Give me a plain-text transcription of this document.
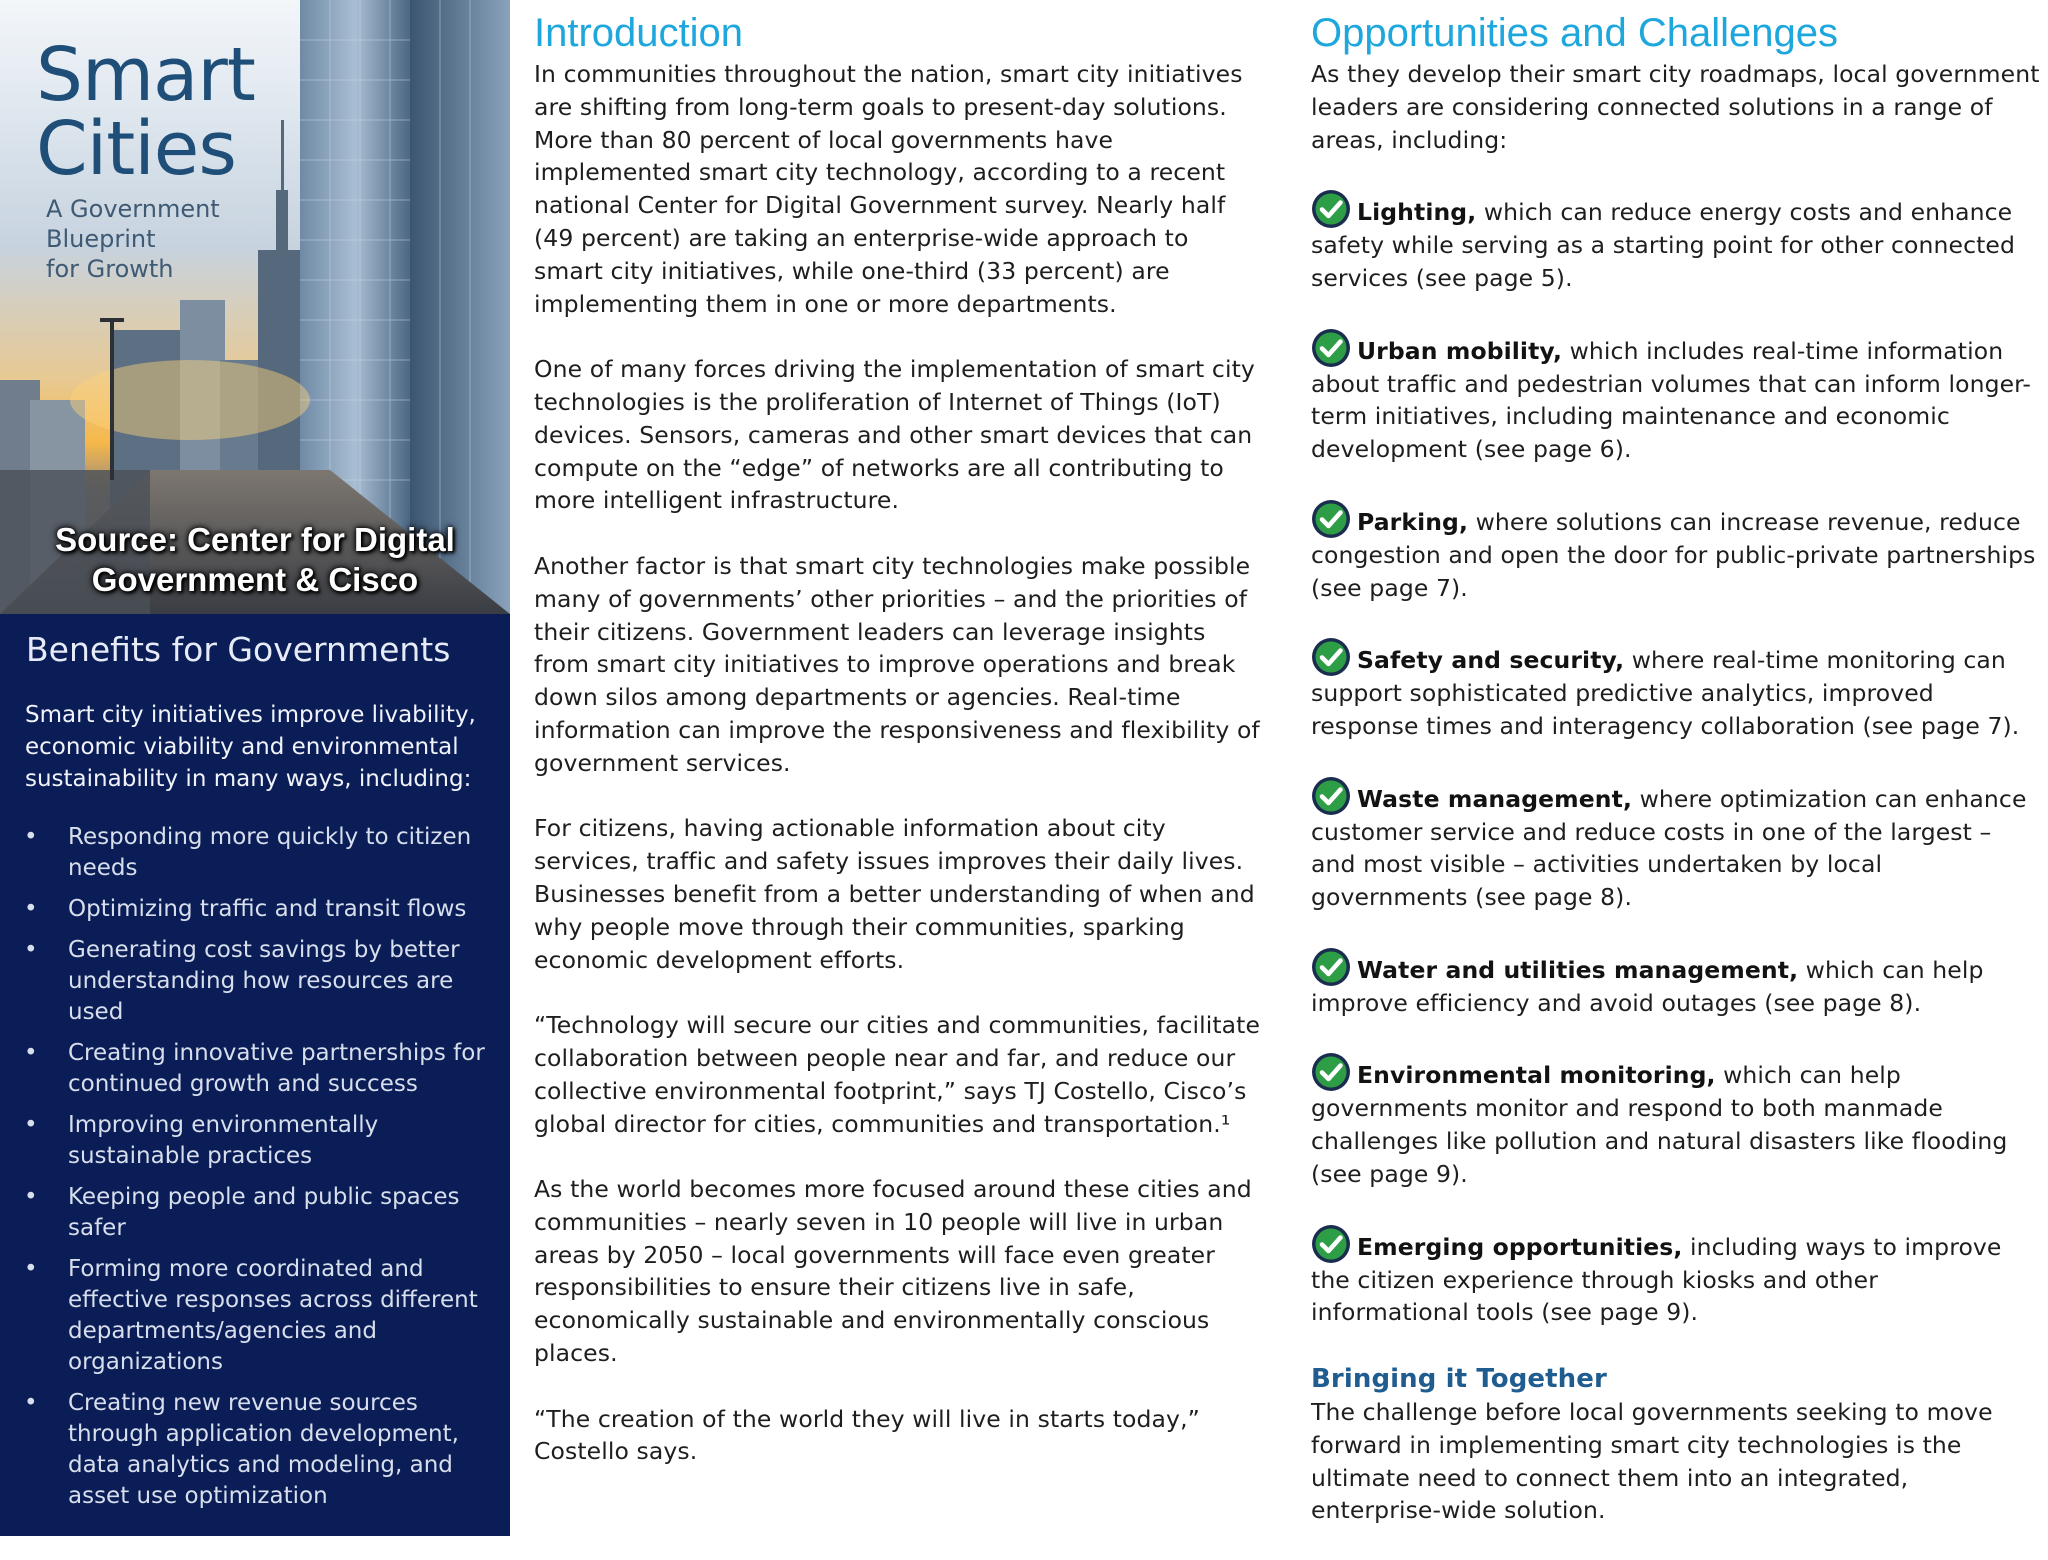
Smart
Cities
A Government
Blueprint
for Growth
Source: Center for Digital
Government & Cisco
Benefits for Governments

Smart city initiatives improve livability, economic viability and environmental sustainability in many ways, including:

• Responding more quickly to citizen needs
• Optimizing traffic and transit flows
• Generating cost savings by better understanding how resources are used
• Creating innovative partnerships for continued growth and success
• Improving environmentally sustainable practices
• Keeping people and public spaces safer
• Forming more coordinated and effective responses across different departments/agencies and organizations
• Creating new revenue sources through application development, data analytics and modeling, and asset use optimization
Introduction

In communities throughout the nation, smart city initiatives are shifting from long-term goals to present-day solutions. More than 80 percent of local governments have implemented smart city technology, according to a recent national Center for Digital Government survey. Nearly half (49 percent) are taking an enterprise-wide approach to smart city initiatives, while one-third (33 percent) are implementing them in one or more departments.

One of many forces driving the implementation of smart city technologies is the proliferation of Internet of Things (IoT) devices. Sensors, cameras and other smart devices that can compute on the “edge” of networks are all contributing to more intelligent infrastructure.

Another factor is that smart city technologies make possible many of governments’ other priorities – and the priorities of their citizens. Government leaders can leverage insights from smart city initiatives to improve operations and break down silos among departments or agencies. Real-time information can improve the responsiveness and flexibility of government services.

For citizens, having actionable information about city services, traffic and safety issues improves their daily lives. Businesses benefit from a better understanding of when and why people move through their communities, sparking economic development efforts.

“Technology will secure our cities and communities, facilitate collaboration between people near and far, and reduce our collective environmental footprint,” says TJ Costello, Cisco’s global director for cities, communities and transportation.¹

As the world becomes more focused around these cities and communities – nearly seven in 10 people will live in urban areas by 2050 – local governments will face even greater responsibilities to ensure their citizens live in safe, economically sustainable and environmentally conscious places.

“The creation of the world they will live in starts today,” Costello says.

Opportunities and Challenges

As they develop their smart city roadmaps, local government leaders are considering connected solutions in a range of areas, including:

Lighting, which can reduce energy costs and enhance safety while serving as a starting point for other connected services (see page 5).

Urban mobility, which includes real-time information about traffic and pedestrian volumes that can inform longer-term initiatives, including maintenance and economic development (see page 6).

Parking, where solutions can increase revenue, reduce congestion and open the door for public-private partnerships (see page 7).

Safety and security, where real-time monitoring can support sophisticated predictive analytics, improved response times and interagency collaboration (see page 7).

Waste management, where optimization can enhance customer service and reduce costs in one of the largest – and most visible – activities undertaken by local governments (see page 8).

Water and utilities management, which can help improve efficiency and avoid outages (see page 8).

Environmental monitoring, which can help governments monitor and respond to both manmade challenges like pollution and natural disasters like flooding (see page 9).

Emerging opportunities, including ways to improve the citizen experience through kiosks and other informational tools (see page 9).

Bringing it Together

The challenge before local governments seeking to move forward in implementing smart city technologies is the ultimate need to connect them into an integrated, enterprise-wide solution.
